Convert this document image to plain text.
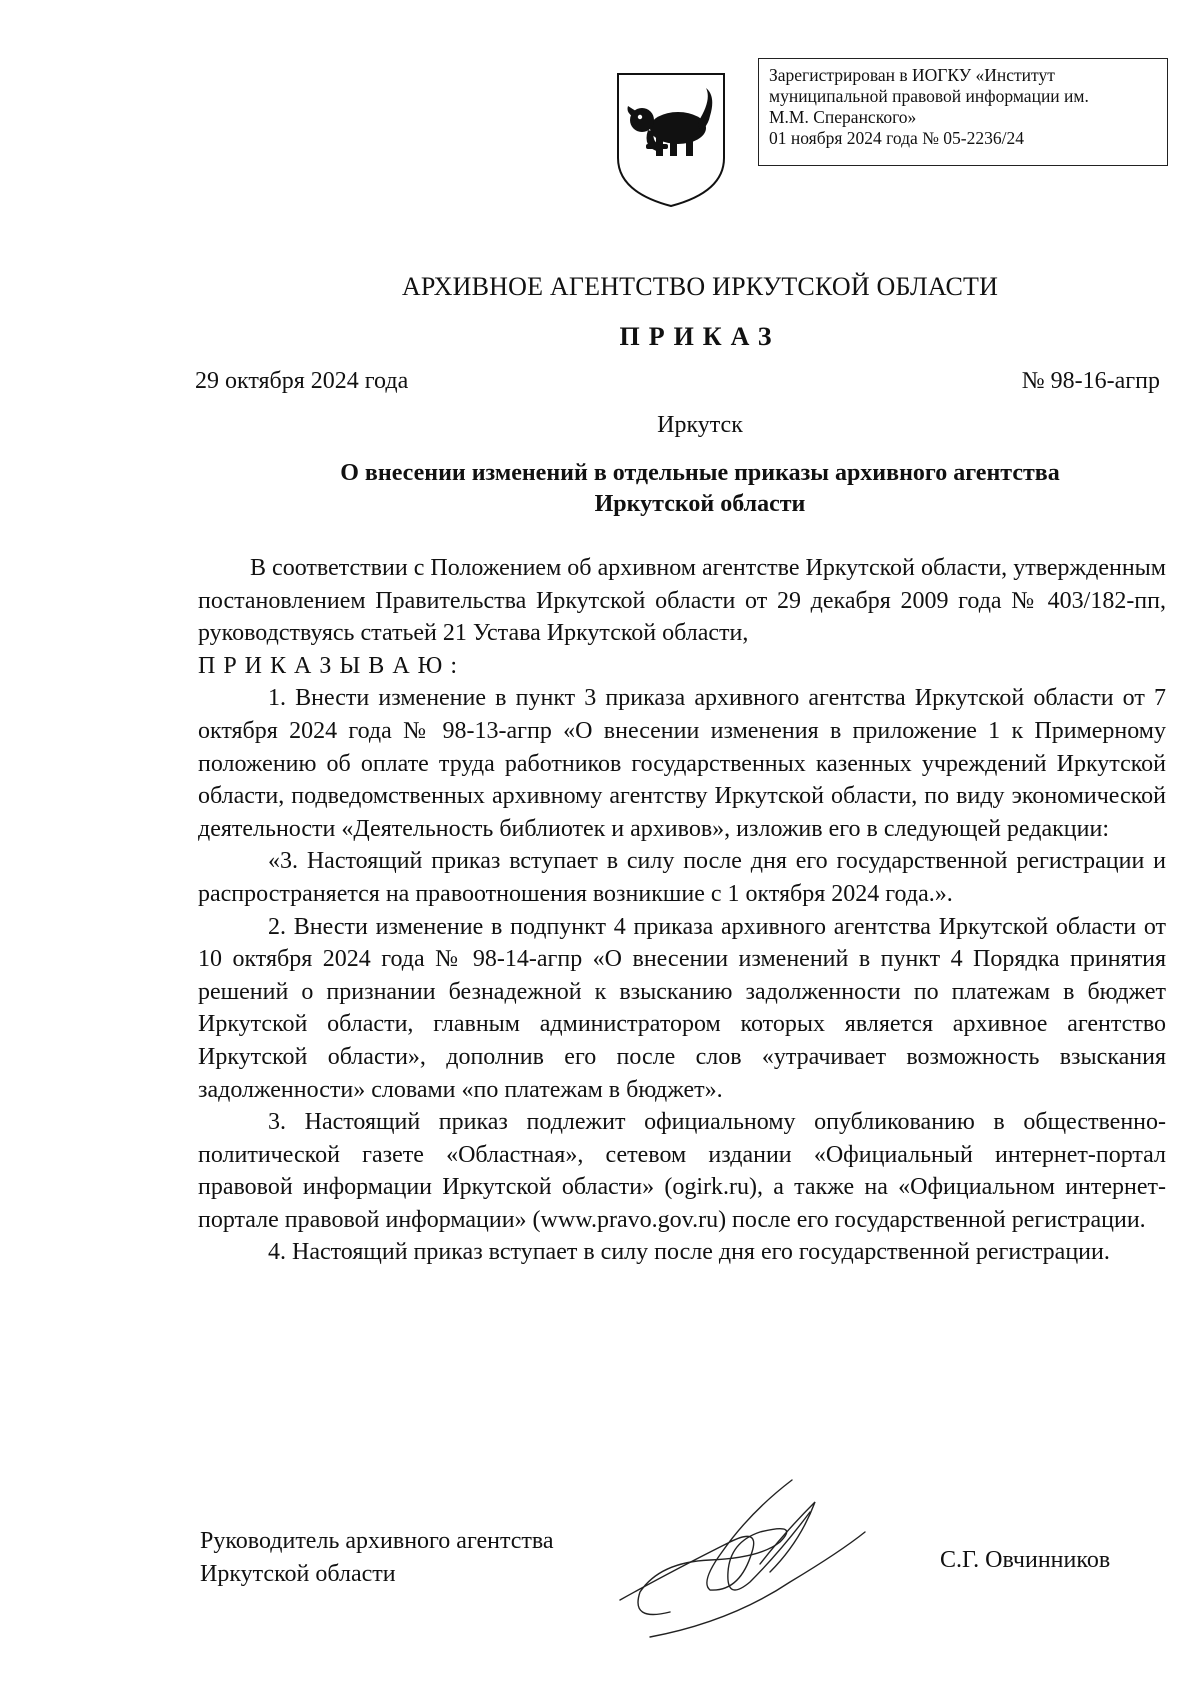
Зарегистрирован в ИОГКУ «Институт
муниципальной правовой информации им.
М.М. Сперанского»
01 ноября 2024 года № 05-2236/24
АРХИВНОЕ АГЕНТСТВО ИРКУТСКОЙ ОБЛАСТИ
ПРИКАЗ
29 октября 2024 года	№ 98-16-агпр
Иркутск
О внесении изменений в отдельные приказы архивного агентства
Иркутской области

В соответствии с Положением об архивном агентстве Иркутской области, утвержденным постановлением Правительства Иркутской области от 29 декабря 2009 года № 403/182-пп, руководствуясь статьей 21 Устава Иркутской области,

П Р И К А З Ы В А Ю :

1. Внести изменение в пункт 3 приказа архивного агентства Иркутской области от 7 октября 2024 года № 98-13-агпр «О внесении изменения в приложение 1 к Примерному положению об оплате труда работников государственных казенных учреждений Иркутской области, подведомственных архивному агентству Иркутской области, по виду экономической деятельности «Деятельность библиотек и архивов», изложив его в следующей редакции:

«3. Настоящий приказ вступает в силу после дня его государственной регистрации и распространяется на правоотношения возникшие с 1 октября 2024 года.».

2. Внести изменение в подпункт 4 приказа архивного агентства Иркутской области от 10 октября 2024 года № 98-14-агпр «О внесении изменений в пункт 4 Порядка принятия решений о признании безнадежной к взысканию задолженности по платежам в бюджет Иркутской области, главным администратором которых является архивное агентство Иркутской области», дополнив его после слов «утрачивает возможность взыскания задолженности» словами «по платежам в бюджет».

3. Настоящий приказ подлежит официальному опубликованию в общественно-политической газете «Областная», сетевом издании «Официальный интернет-портал правовой информации Иркутской области» (ogirk.ru), а также на «Официальном интернет-портале правовой информации» (www.pravo.gov.ru) после его государственной регистрации.

4. Настоящий приказ вступает в силу после дня его государственной регистрации.

Руководитель архивного агентства
Иркутской области
С.Г. Овчинников
